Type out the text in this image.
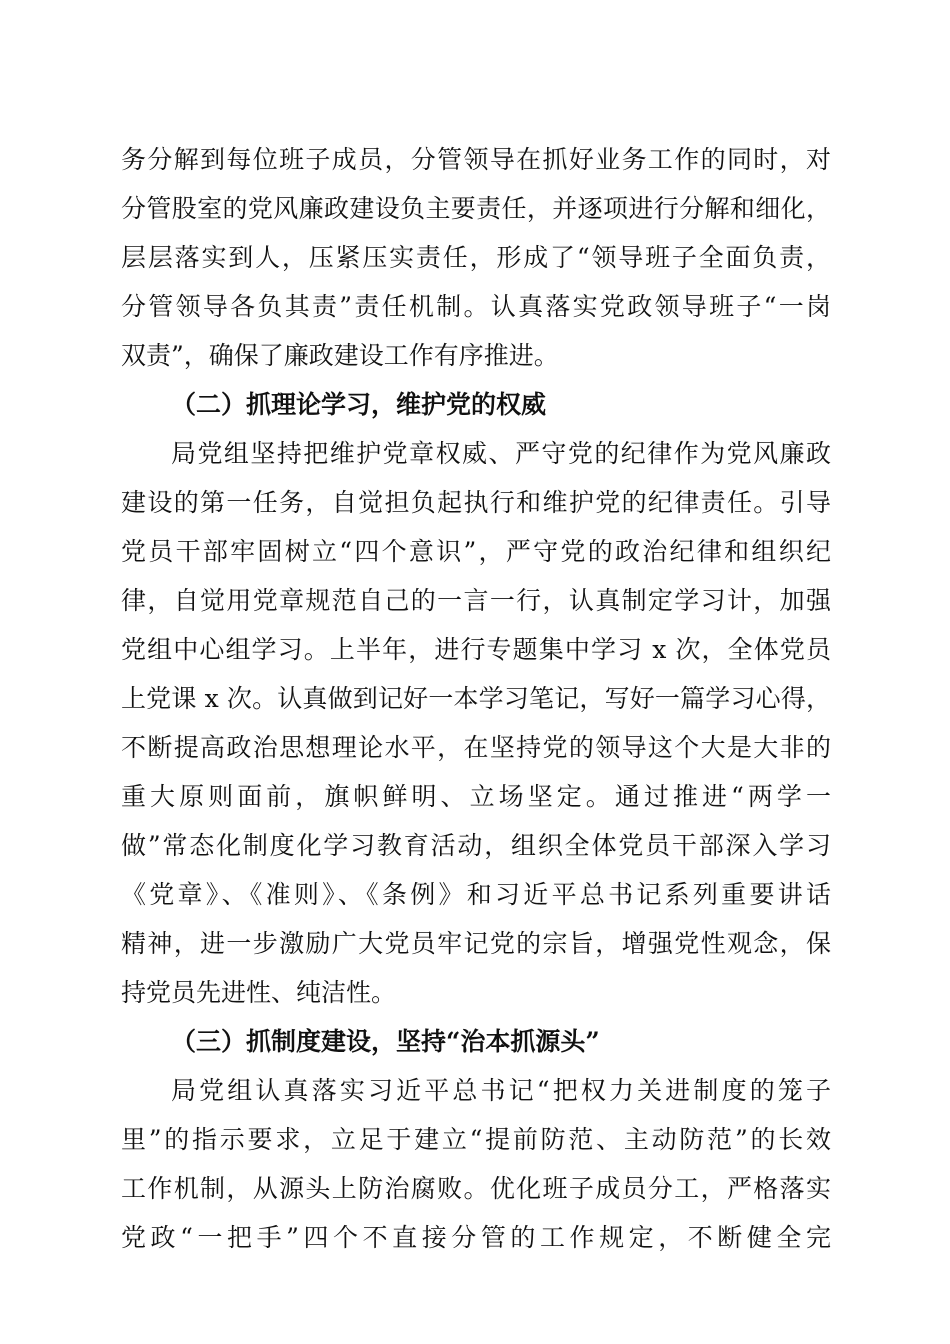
务分解到每位班子成员，分管领导在抓好业务工作的同时，对
分管股室的党风廉政建设负主要责任，并逐项进行分解和细化，
层层落实到人，压紧压实责任，形成了“领导班子全面负责，
分管领导各负其责”责任机制。认真落实党政领导班子“一岗
双责”，确保了廉政建设工作有序推进。
（二）抓理论学习，维护党的权威
局党组坚持把维护党章权威、严守党的纪律作为党风廉政
建设的第一任务，自觉担负起执行和维护党的纪律责任。引导
党员干部牢固树立“四个意识”，严守党的政治纪律和组织纪
律，自觉用党章规范自己的一言一行，认真制定学习计，加强
党组中心组学习。上半年，进行专题集中学习 x 次，全体党员
上党课 x 次。认真做到记好一本学习笔记，写好一篇学习心得，
不断提高政治思想理论水平，在坚持党的领导这个大是大非的
重大原则面前，旗帜鲜明、立场坚定。通过推进“两学一
做”常态化制度化学习教育活动，组织全体党员干部深入学习
《党章》、《准则》、《条例》和习近平总书记系列重要讲话
精神，进一步激励广大党员牢记党的宗旨，增强党性观念，保
持党员先进性、纯洁性。
（三）抓制度建设，坚持“治本抓源头”
局党组认真落实习近平总书记“把权力关进制度的笼子
里”的指示要求，立足于建立“提前防范、主动防范”的长效
工作机制，从源头上防治腐败。优化班子成员分工，严格落实
党政“一把手”四个不直接分管的工作规定，不断健全完
